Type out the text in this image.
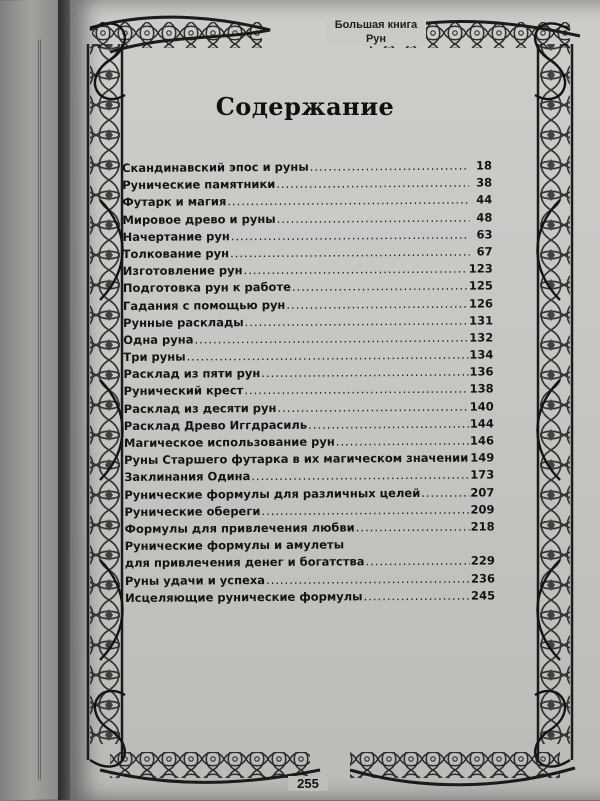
Большая книга
Рун
Содержание
Скандинавский эпос и руны .....	18
Рунические памятники .....	38
Футарк и магия .....	44
Мировое древо и руны .....	48
Начертание рун .....	63
Толкование рун .....	67
Изготовление рун .....	123
Подготовка рун к работе .....	125
Гадания с помощью рун .....	126
Рунные расклады .....	131
Одна руна .....	132
Три руны .....	134
Расклад из пяти рун .....	136
Рунический крест .....	138
Расклад из десяти рун .....	140
Расклад Древо Иггдрасиль .....	144
Магическое использование рун .....	146
Руны Старшего футарка в их магическом значении ..... 149
Заклинания Одина .....	173
Рунические формулы для различных целей .....	207
Рунические обереги .....	209
Формулы для привлечения любви .....	218
Рунические формулы и амулеты
для привлечения денег и богатства .....	229
Руны удачи и успеха .....	236
Исцеляющие рунические формулы .....	245
255
